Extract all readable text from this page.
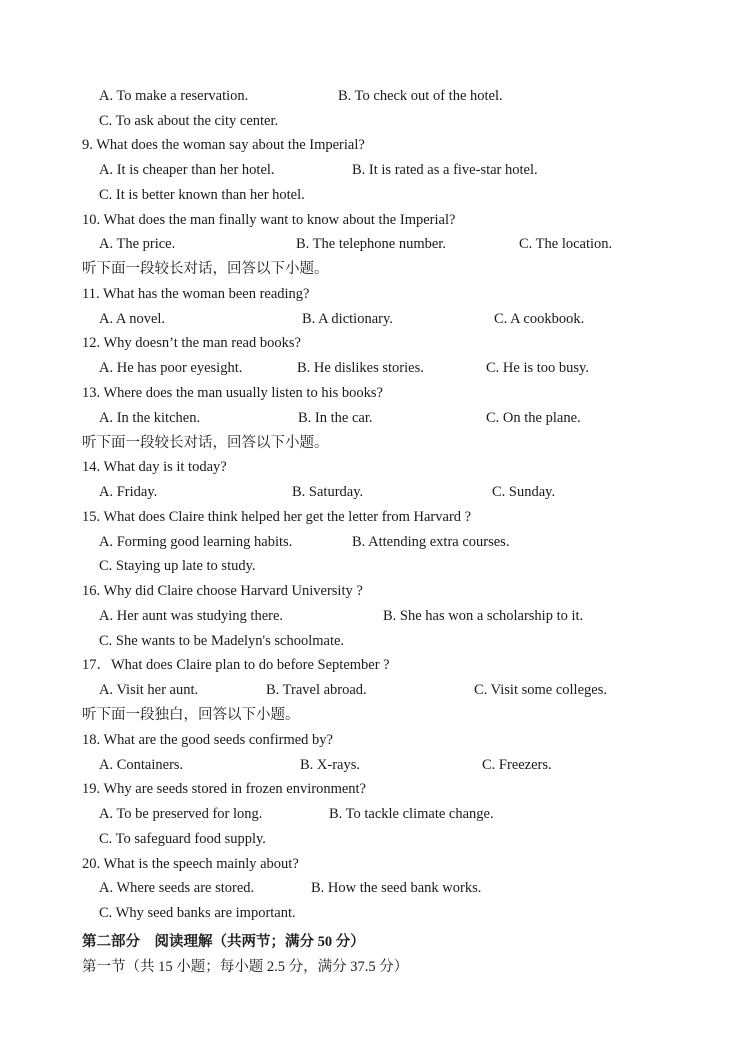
A. To make a reservation.	B. To check out of the hotel.
C. To ask about the city center.
9. What does the woman say about the Imperial?
A. It is cheaper than her hotel.	B. It is rated as a five-star hotel.
C. It is better known than her hotel.
10. What does the man finally want to know about the Imperial?
A. The price.	B. The telephone number.	C. The location.
听下面一段较长对话，回答以下小题。
11. What has the woman been reading?
A. A novel.	B. A dictionary.	C. A cookbook.
12. Why doesn’t the man read books?
A. He has poor eyesight.	B. He dislikes stories.	C. He is too busy.
13. Where does the man usually listen to his books?
A. In the kitchen.	B. In the car.	C. On the plane.
听下面一段较长对话，回答以下小题。
14. What day is it today?
A. Friday.	B. Saturday.	C. Sunday.
15. What does Claire think helped her get the letter from Harvard ?
A. Forming good learning habits.	B. Attending extra courses.
C. Staying up late to study.
16. Why did Claire choose Harvard University ?
A. Her aunt was studying there.	B. She has won a scholarship to it.
C. She wants to be Madelyn's schoolmate.
17．What does Claire plan to do before September ?
A. Visit her aunt.	B. Travel abroad.	C. Visit some colleges.
听下面一段独白，回答以下小题。
18. What are the good seeds confirmed by?
A. Containers.	B. X-rays.	C. Freezers.
19. Why are seeds stored in frozen environment?
A. To be preserved for long.	B. To tackle climate change.
C. To safeguard food supply.
20. What is the speech mainly about?
A. Where seeds are stored.	B. How the seed bank works.
C. Why seed banks are important.
第二部分　阅读理解（共两节；满分 50 分）
第一节（共 15 小题；每小题 2.5 分，满分 37.5 分）
